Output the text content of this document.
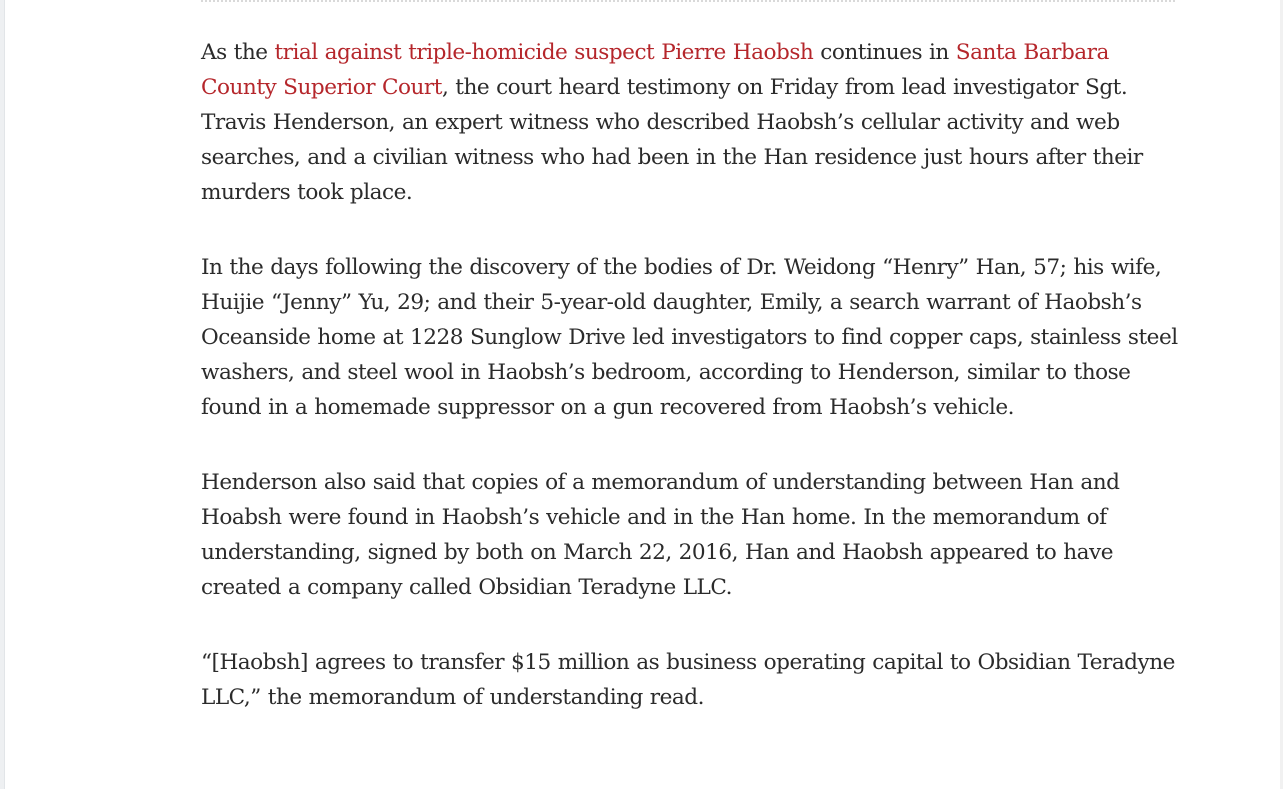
As the trial against triple-homicide suspect Pierre Haobsh continues in Santa Barbara County Superior Court, the court heard testimony on Friday from lead investigator Sgt. Travis Henderson, an expert witness who described Haobsh’s cellular activity and web searches, and a civilian witness who had been in the Han residence just hours after their murders took place.

In the days following the discovery of the bodies of Dr. Weidong “Henry” Han, 57; his wife, Huijie “Jenny” Yu, 29; and their 5-year-old daughter, Emily, a search warrant of Haobsh’s Oceanside home at 1228 Sunglow Drive led investigators to find copper caps, stainless steel washers, and steel wool in Haobsh’s bedroom, according to Henderson, similar to those found in a homemade suppressor on a gun recovered from Haobsh’s vehicle.

Henderson also said that copies of a memorandum of understanding between Han and Hoabsh were found in Haobsh’s vehicle and in the Han home. In the memorandum of understanding, signed by both on March 22, 2016, Han and Haobsh appeared to have created a company called Obsidian Teradyne LLC.

“[Haobsh] agrees to transfer $15 million as business operating capital to Obsidian Teradyne LLC,” the memorandum of understanding read.
